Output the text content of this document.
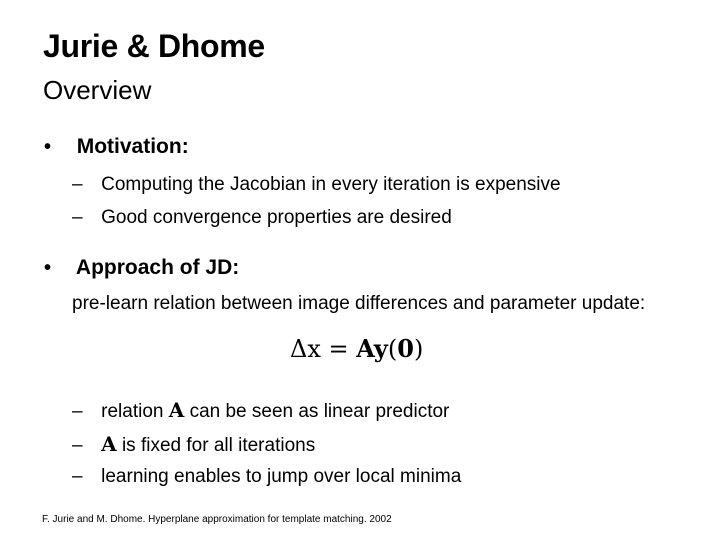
Jurie & Dhome
Overview
• Motivation:
– Computing the Jacobian in every iteration is expensive
– Good convergence properties are desired
• Approach of JD:
pre-learn relation between image differences and parameter update:
Δx = Ay(0)
– relation A can be seen as linear predictor
– A is fixed for all iterations
– learning enables to jump over local minima
F. Jurie and M. Dhome. Hyperplane approximation for template matching. 2002
